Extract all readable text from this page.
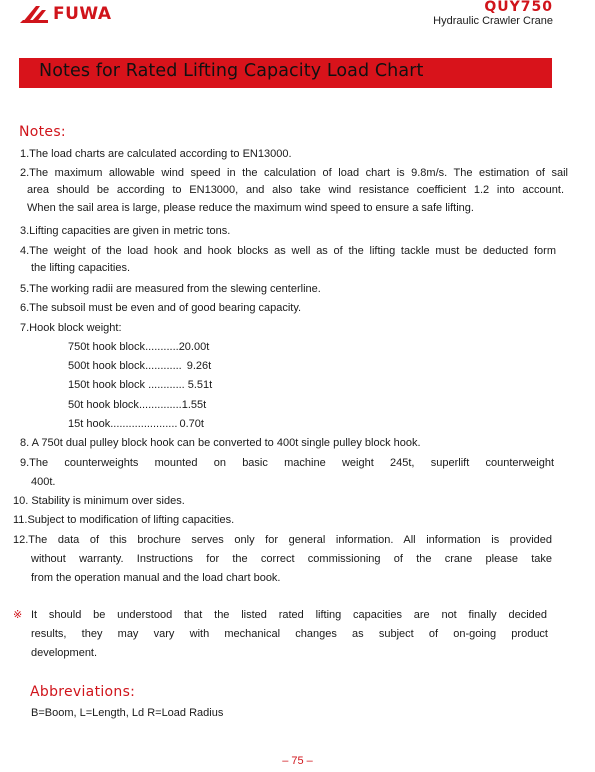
FUWA	QUY750
Hydraulic Crawler Crane
Notes for Rated Lifting Capacity Load Chart
Notes:
1.The load charts are calculated according to EN13000.
2.The maximum allowable wind speed in the calculation of load chart is 9.8m/s. The estimation of sail
area should be according to EN13000, and also take wind resistance coefficient 1.2 into account.
When the sail area is large, please reduce the maximum wind speed to ensure a safe lifting.
3.Lifting capacities are given in metric tons.
4.The weight of the load hook and hook blocks as well as of the lifting tackle must be deducted form
the lifting capacities.
5.The working radii are measured from the slewing centerline.
6.The subsoil must be even and of good bearing capacity.
7.Hook block weight:
750t hook block ........... 20.00t
500t hook block ............ 9.26t
150t hook block ............ 5.51t
50t hook block .............. 1.55t
15t hook ...................... 0.70t
8. A 750t dual pulley block hook can be converted to 400t single pulley block hook.
9.The counterweights mounted on basic machine weight 245t, superlift counterweight
400t.
10. Stability is minimum over sides.
11.Subject to modification of lifting capacities.
12.The data of this brochure serves only for general information. All information is provided
without warranty. Instructions for the correct commissioning of the crane please take
from the operation manual and the load chart book.
※ It should be understood that the listed rated lifting capacities are not finally decided
results, they may vary with mechanical changes as subject of on-going product
development.
Abbreviations:
B=Boom, L=Length, Ld R=Load Radius
– 75 –
